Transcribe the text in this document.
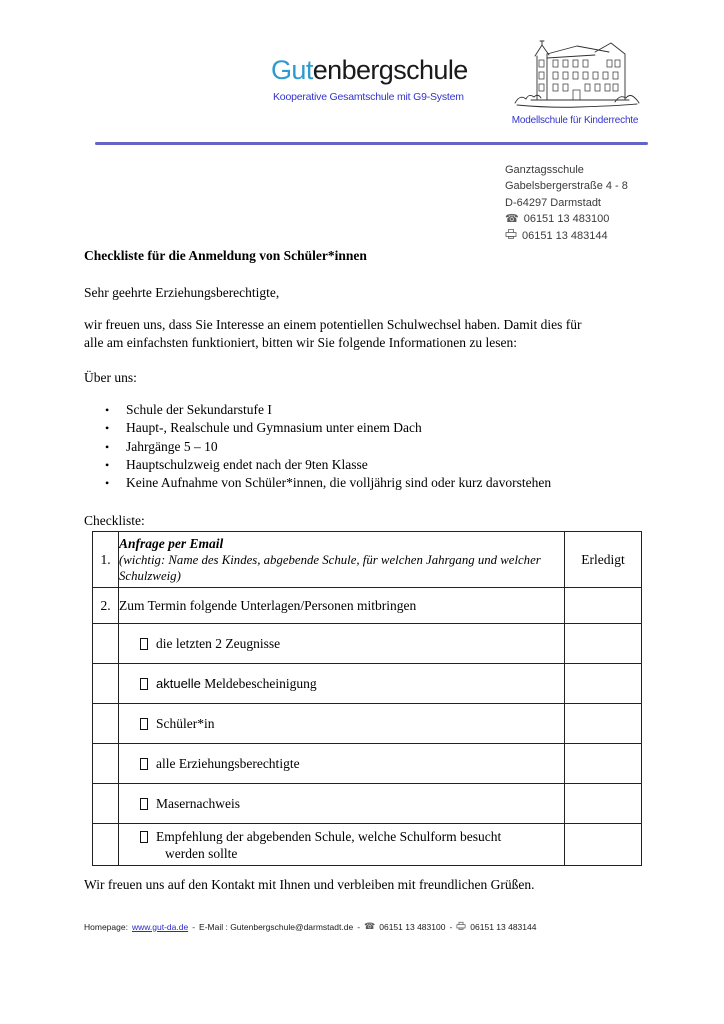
Gutenbergschule
Kooperative Gesamtschule mit G9-System
Modellschule für Kinderrechte
Ganztagsschule
Gabelsbergerstraße 4 - 8
D-64297 Darmstadt
☎ 06151 13 483100
06151 13 483144
Checkliste für die Anmeldung von Schüler*innen
Sehr geehrte Erziehungsberechtigte,
wir freuen uns, dass Sie Interesse an einem potentiellen Schulwechsel haben. Damit dies für
alle am einfachsten funktioniert, bitten wir Sie folgende Informationen zu lesen:
Über uns:
• Schule der Sekundarstufe I
• Haupt-, Realschule und Gymnasium unter einem Dach
• Jahrgänge 5 – 10
• Hauptschulzweig endet nach der 9ten Klasse
• Keine Aufnahme von Schüler*innen, die volljährig sind oder kurz davorstehen
Checkliste:
1.	Anfrage per Email
(wichtig: Name des Kindes, abgebende Schule, für welchen Jahrgang und welcher Schulzweig)	Erledigt
2.	Zum Termin folgende Unterlagen/Personen mitbringen	

	die letzten 2 Zeugnisse	

	aktuelle Meldebescheinigung	

	Schüler*in	

	alle Erziehungsberechtigte	

	Masernachweis	

	Empfehlung der abgebenden Schule, welche Schulform besucht werden sollte	

Wir freuen uns auf den Kontakt mit Ihnen und verbleiben mit freundlichen Grüßen.
Homepage: www.gut-da.de - E-Mail : Gutenbergschule@darmstadt.de - ☎ 06151 13 483100 - 06151 13 483144
